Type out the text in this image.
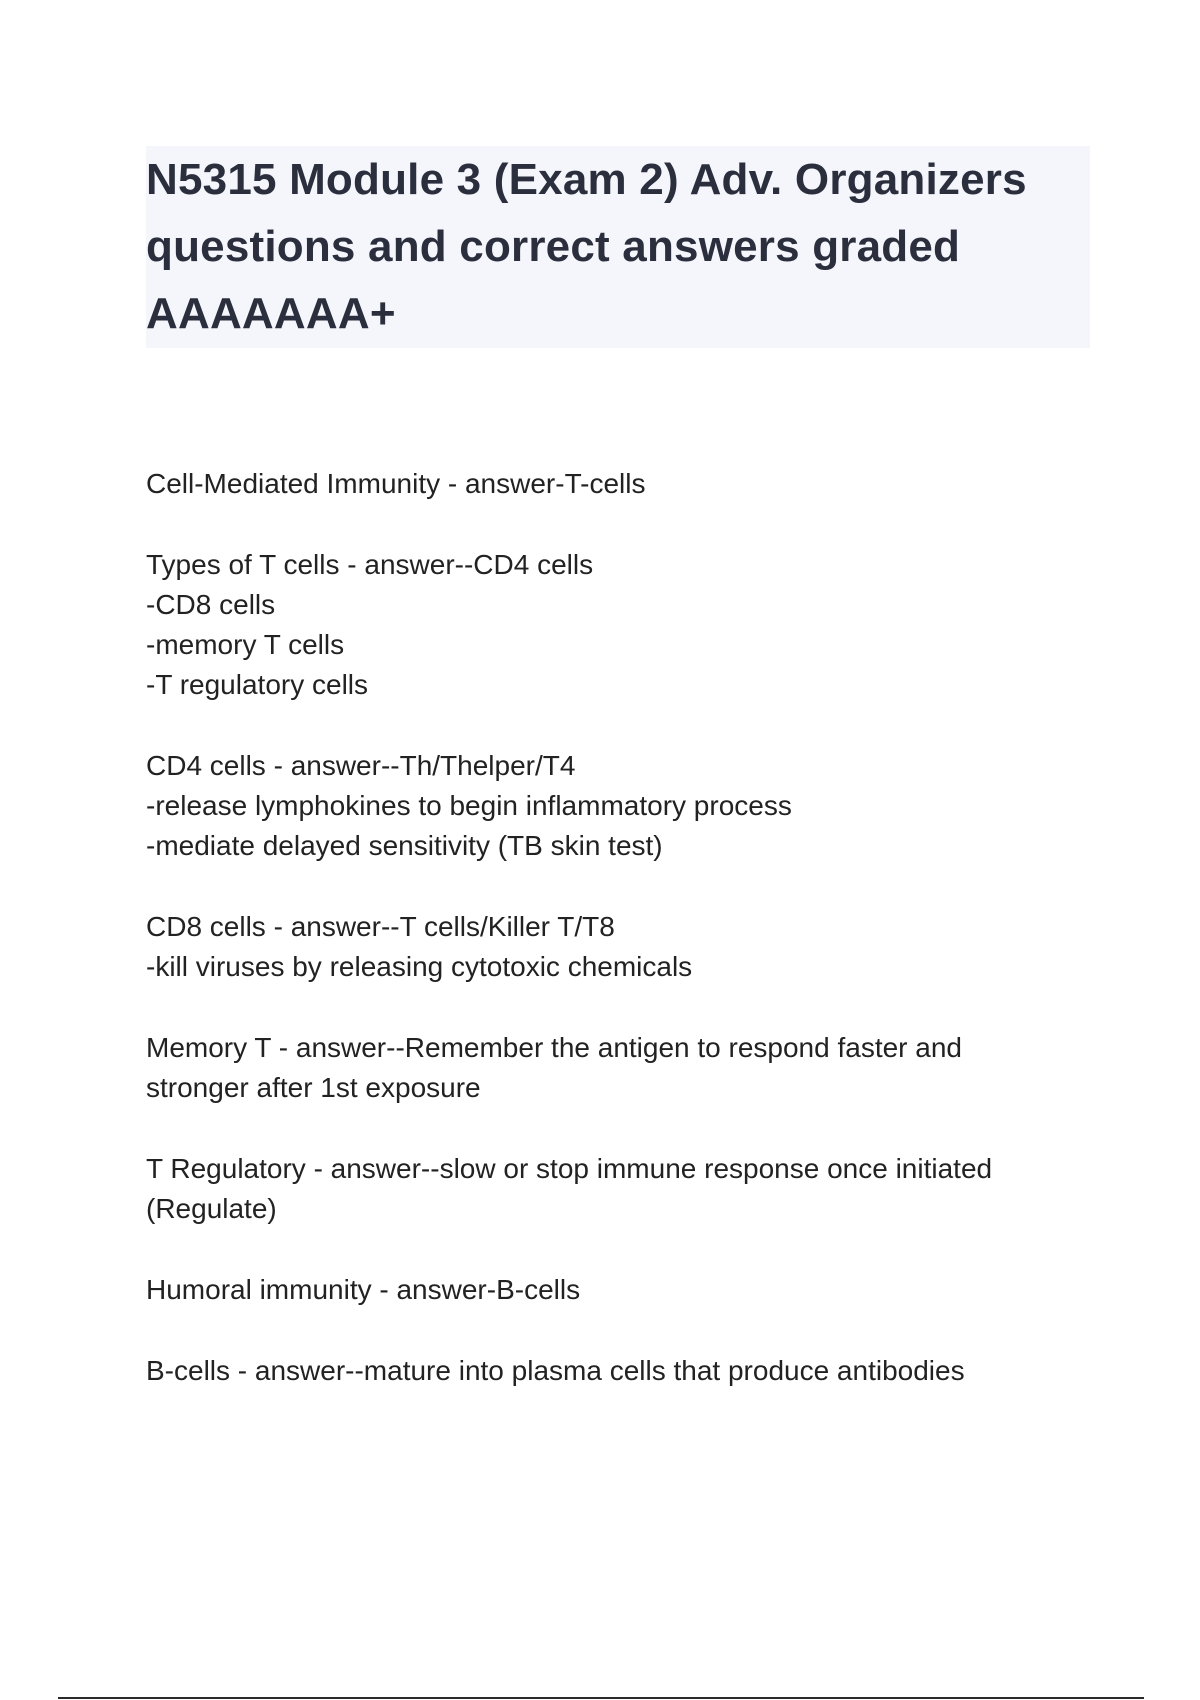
N5315 Module 3 (Exam 2) Adv. Organizers
questions and correct answers graded
AAAAAAA+
Cell-Mediated Immunity - answer-T-cells
Types of T cells - answer--CD4 cells
-CD8 cells
-memory T cells
-T regulatory cells
CD4 cells - answer--Th/Thelper/T4
-release lymphokines to begin inflammatory process
-mediate delayed sensitivity (TB skin test)
CD8 cells - answer--T cells/Killer T/T8
-kill viruses by releasing cytotoxic chemicals
Memory T - answer--Remember the antigen to respond faster and
stronger after 1st exposure
T Regulatory - answer--slow or stop immune response once initiated
(Regulate)
Humoral immunity - answer-B-cells
B-cells - answer--mature into plasma cells that produce antibodies
